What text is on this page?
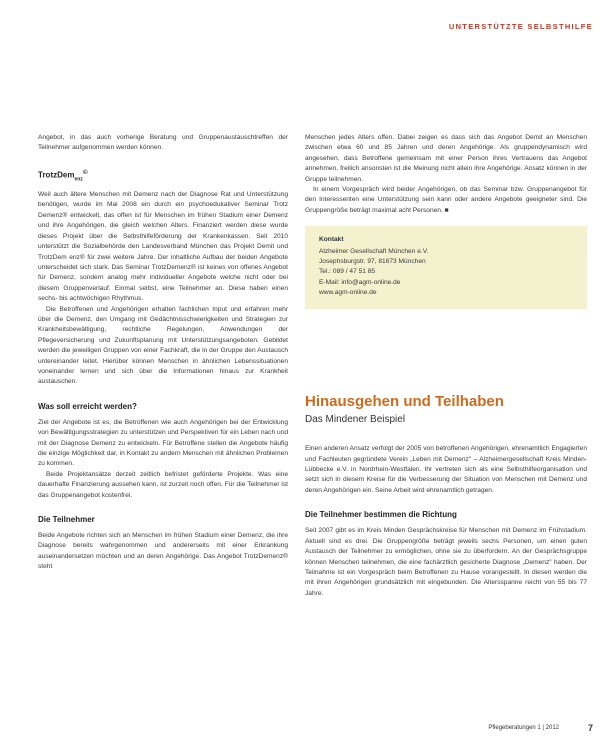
UNTERSTÜTZTE SELBSTHILFE

Angebot, in das auch vorherige Beratung und Gruppenaustauschtreffen der Teilnehmer aufgenommen werden können.

TrotzDem$_{enz}$©

Weil auch ältere Menschen mit Demenz nach der Diagnose Rat und Unterstützung benötigen, wurde im Mai 2008 ein durch ein psychoedukativer Seminar Trotz Demenz® entwickelt, das offen ist für Menschen im frühen Stadium einer Demenz und ihre Angehörigen, die gleich welchen Alters. Finanziert werden diese wurde dieses Projekt über die Selbsthilfeförderung der Krankenkassen. Seit 2010 unterstützt die Sozialbehörde den Landesverband München das Projekt Demit und TrotzDem enz® für zwei weitere Jahre. Der inhaltliche Aufbau der beiden Angebote unterscheidet sich stark. Das Seminar TrotzDemenz® ist keines von offenes Angebot für Demenz, sondern analog mehr individueller Angebote welche nicht oder bei diesem Gruppenverlauf. Einmal selbst, eine Teilnehmer an. Diese haben einen sechs- bis achtwöchigen Rhythmus.

Die Betroffenen und Angehörigen erhalten fachlichen Input und erfahren mehr über die Demenz, den Umgang mit Gedächtnisschwierigkeiten und Strategien zur Krankheitsbewältigung, rechtliche Regelungen, Anwendungen der Pflegeversicherung und Zukunftsplanung mit Unterstützungsangeboten. Gebildet werden die jeweiligen Gruppen von einer Fachkraft, die in der Gruppe den Austausch untereinander leitet. Hierüber können Menschen in ähnlichen Lebenssituationen voneinander lernen und sich über die Informationen hinaus zur Krankheit austauschen.

Was soll erreicht werden?

Ziel der Angebote ist es, die Betroffenen wie auch Angehörigen bei der Entwicklung von Bewältigungsstrategien zu unterstützen und Perspektiven für ein Leben nach und mit der Diagnose Demenz zu entwickeln. Für Betroffene stellen die Angebote häufig die einzige Möglichkeit dar, in Kontakt zu andern Menschen mit ähnlichen Problemen zu kommen.

Beide Projektansätze derzeit zeitlich befristet geförderte Projekte. Was eine dauerhafte Finanzierung aussehen kann, ist zurzeit noch offen. Für die Teilnehmer ist das Gruppenangebot kostenfrei.

Die Teilnehmer

Beide Angebote richten sich an Menschen im frühen Stadium einer Demenz, die ihre Diagnose bereits wahrgenommen und andererseits mit einer Erkrankung auseinandersetzen möchten und an deren Angehörige. Das Angebot TrotzDemenz® steht

Menschen jedes Alters offen. Dabei zeigen es dass sich das Angebot Demit an Menschen zwischen etwa 60 und 85 Jahren und deren Angehörige. Als gruppendynamisch wird angesehen, dass Betroffene gemeinsam mit einer Person ihres Vertrauens das Angebot annehmen, freilich ansonsten ist die Meinung nicht allein ihre Angehörige. Ansatz können in der Gruppe teilnehmen.

In einem Vorgespräch wird beider Angehörigen, ob das Seminar bzw. Gruppenangebot für den Interessenten eine Unterstützung sein kann oder andere Angebote geeigneter sind. Die Gruppengröße beträgt maximal acht Personen. ■

Kontakt
Alzheimer Gesellschaft München e.V.
Josephsburgstr. 97, 81673 München
Tel.: 089 / 47 51 85
E-Mail: info@agm-online.de
www.agm-online.de
Hinausgehen und Teilhaben
Das Mindener Beispiel

Einen anderen Ansatz verfolgt der 2005 von betroffenen Angehörigen, ehrenamtlich Engagierten und Fachleuten gegründete Verein „Leben mit Demenz" – Alzheimergesellschaft Kreis Minden-Lübbecke e.V. in Nordrhein-Westfalen. Ihr vertreten sich als eine Selbsthilfeorganisation und setzt sich in diesem Kreise für die Verbesserung der Situation von Menschen mit Demenz und deren Angehörigen ein. Seine Arbeit wird ehrenamtlich getragen.

Die Teilnehmer bestimmen die Richtung

Seit 2007 gibt es im Kreis Minden Gesprächskreise für Menschen mit Demenz im Frühstadium. Aktuell sind es drei. Die Gruppengröße beträgt jeweils sechs Personen, um einen guten Austausch der Teilnehmer zu ermöglichen, ohne sie zu überfordern. An der Gesprächsgruppe können Menschen teilnehmen, die eine fachärztlich gesicherte Diagnose „Demenz" haben. Der Teilnahme ist ein Vorgespräch beim Betroffenen zu Hause vorangestellt. In diesen werden die mit ihren Angehörigen grundsätzlich mit eingebunden. Die Altersspanne reicht von 55 bis 77 Jahre.

Pflegeberatungen 1 | 2012	7
